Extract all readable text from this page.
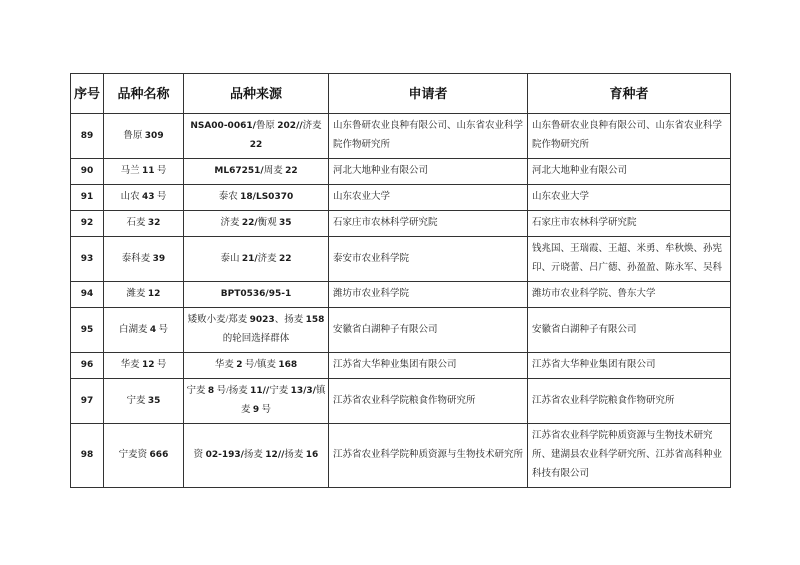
序号	品种名称	品种来源	申请者	育种者
89	鲁原 309	NSA00-0061/鲁原 202//济麦 22	山东鲁研农业良种有限公司、山东省农业科学院作物研究所	山东鲁研农业良种有限公司、山东省农业科学院作物研究所
90	马兰 11 号	ML67251/周麦 22	河北大地种业有限公司	河北大地种业有限公司
91	山农 43 号	泰农 18/LS0370	山东农业大学	山东农业大学
92	石麦 32	济麦 22/衡观 35	石家庄市农林科学研究院	石家庄市农林科学研究院
93	泰科麦 39	泰山 21/济麦 22	泰安市农业科学院	钱兆国、王瑞霞、王超、米勇、牟秋焕、孙宪印、亓晓蕾、吕广德、孙盈盈、陈永军、吴科
94	潍麦 12	BPT0536/95-1	潍坊市农业科学院	潍坊市农业科学院、鲁东大学
95	白湖麦 4 号	矮败小麦/郑麦 9023、扬麦 158 的轮回选择群体	安徽省白湖种子有限公司	安徽省白湖种子有限公司
96	华麦 12 号	华麦 2 号/镇麦 168	江苏省大华种业集团有限公司	江苏省大华种业集团有限公司
97	宁麦 35	宁麦 8 号/扬麦 11//宁麦 13/3/镇麦 9 号	江苏省农业科学院粮食作物研究所	江苏省农业科学院粮食作物研究所
98	宁麦资 666	资 02-193/扬麦 12//扬麦 16	江苏省农业科学院种质资源与生物技术研究所	江苏省农业科学院种质资源与生物技术研究所、建湖县农业科学研究所、江苏省高科种业科技有限公司
